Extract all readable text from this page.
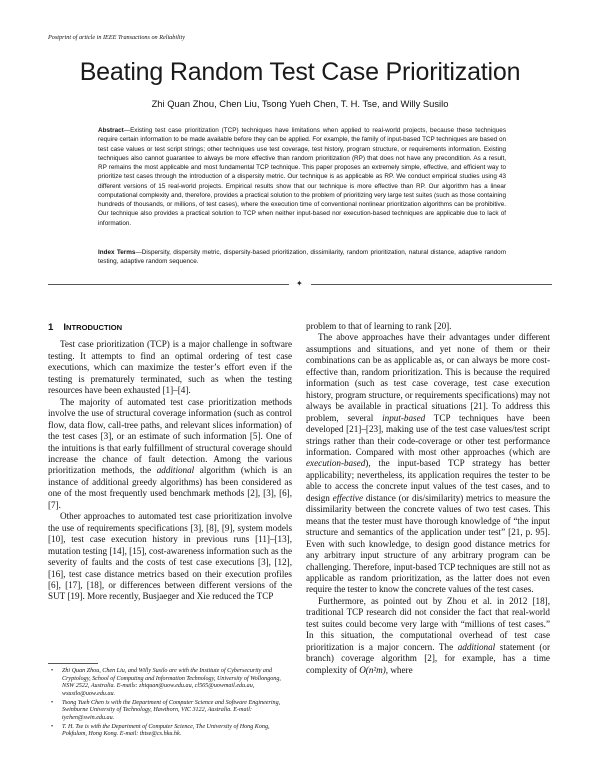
Postprint of article in IEEE Transactions on Reliability
Beating Random Test Case Prioritization
Zhi Quan Zhou, Chen Liu, Tsong Yueh Chen, T. H. Tse, and Willy Susilo
Abstract—Existing test case prioritization (TCP) techniques have limitations when applied to real-world projects, because these techniques require certain information to be made available before they can be applied. For example, the family of input-based TCP techniques are based on test case values or test script strings; other techniques use test coverage, test history, program structure, or requirements information. Existing techniques also cannot guarantee to always be more effective than random prioritization (RP) that does not have any precondition. As a result, RP remains the most applicable and most fundamental TCP technique. This paper proposes an extremely simple, effective, and efficient way to prioritize test cases through the introduction of a dispersity metric. Our technique is as applicable as RP. We conduct empirical studies using 43 different versions of 15 real-world projects. Empirical results show that our technique is more effective than RP. Our algorithm has a linear computational complexity and, therefore, provides a practical solution to the problem of prioritizing very large test suites (such as those containing hundreds of thousands, or millions, of test cases), where the execution time of conventional nonlinear prioritization algorithms can be prohibitive. Our technique also provides a practical solution to TCP when neither input-based nor execution-based techniques are applicable due to lack of information.
Index Terms—Dispersity, dispersity metric, dispersity-based prioritization, dissimilarity, random prioritization, natural distance, adaptive random testing, adaptive random sequence.
✦
1 INTRODUCTION

Test case prioritization (TCP) is a major challenge in software testing. It attempts to find an optimal ordering of test case executions, which can maximize the tester’s effort even if the testing is prematurely terminated, such as when the testing resources have been exhausted [1]–[4].

The majority of automated test case prioritization methods involve the use of structural coverage information (such as control flow, data flow, call-tree paths, and relevant slices information) of the test cases [3], or an estimate of such information [5]. One of the intuitions is that early fulfillment of structural coverage should increase the chance of fault detection. Among the various prioritization methods, the additional algorithm (which is an instance of additional greedy algorithms) has been considered as one of the most frequently used benchmark methods [2], [3], [6], [7].

Other approaches to automated test case prioritization involve the use of requirements specifications [3], [8], [9], system models [10], test case execution history in previous runs [11]–[13], mutation testing [14], [15], cost-awareness information such as the severity of faults and the costs of test case executions [3], [12], [16], test case distance metrics based on their execution profiles [6], [17], [18], or differences between different versions of the SUT [19]. More recently, Busjaeger and Xie reduced the TCP

problem to that of learning to rank [20].

The above approaches have their advantages under different assumptions and situations, and yet none of them or their combinations can be as applicable as, or can always be more cost-effective than, random prioritization. This is because the required information (such as test case coverage, test case execution history, program structure, or requirements specifications) may not always be available in practical situations [21]. To address this problem, several input-based TCP techniques have been developed [21]–[23], making use of the test case values/test script strings rather than their code-coverage or other test performance information. Compared with most other approaches (which are execution-based), the input-based TCP strategy has better applicability; nevertheless, its application requires the tester to be able to access the concrete input values of the test cases, and to design effective distance (or dis/similarity) metrics to measure the dissimilarity between the concrete values of two test cases. This means that the tester must have thorough knowledge of “the input structure and semantics of the application under test” [21, p. 95]. Even with such knowledge, to design good distance metrics for any arbitrary input structure of any arbitrary program can be challenging. Therefore, input-based TCP techniques are still not as applicable as random prioritization, as the latter does not even require the tester to know the concrete values of the test cases.

Furthermore, as pointed out by Zhou et al. in 2012 [18], traditional TCP research did not consider the fact that real-world test suites could become very large with “millions of test cases.” In this situation, the computational overhead of test case prioritization is a major concern. The additional statement (or branch) coverage algorithm [2], for example, has a time complexity of O(n²m), where

• Zhi Quan Zhou, Chen Liu, and Willy Susilo are with the Institute of Cybersecurity and Cryptology, School of Computing and Information Technology, University of Wollongong, NSW 2522, Australia. E-mails: zhiquan@uow.edu.au, cl565@uowmail.edu.au, wsusilo@uow.edu.au.
• Tsong Yueh Chen is with the Department of Computer Science and Software Engineering, Swinburne University of Technology, Hawthorn, VIC 3122, Australia. E-mail: tychen@swin.edu.au.
• T. H. Tse is with the Department of Computer Science, The University of Hong Kong, Pokfulam, Hong Kong. E-mail: thtse@cs.hku.hk.
